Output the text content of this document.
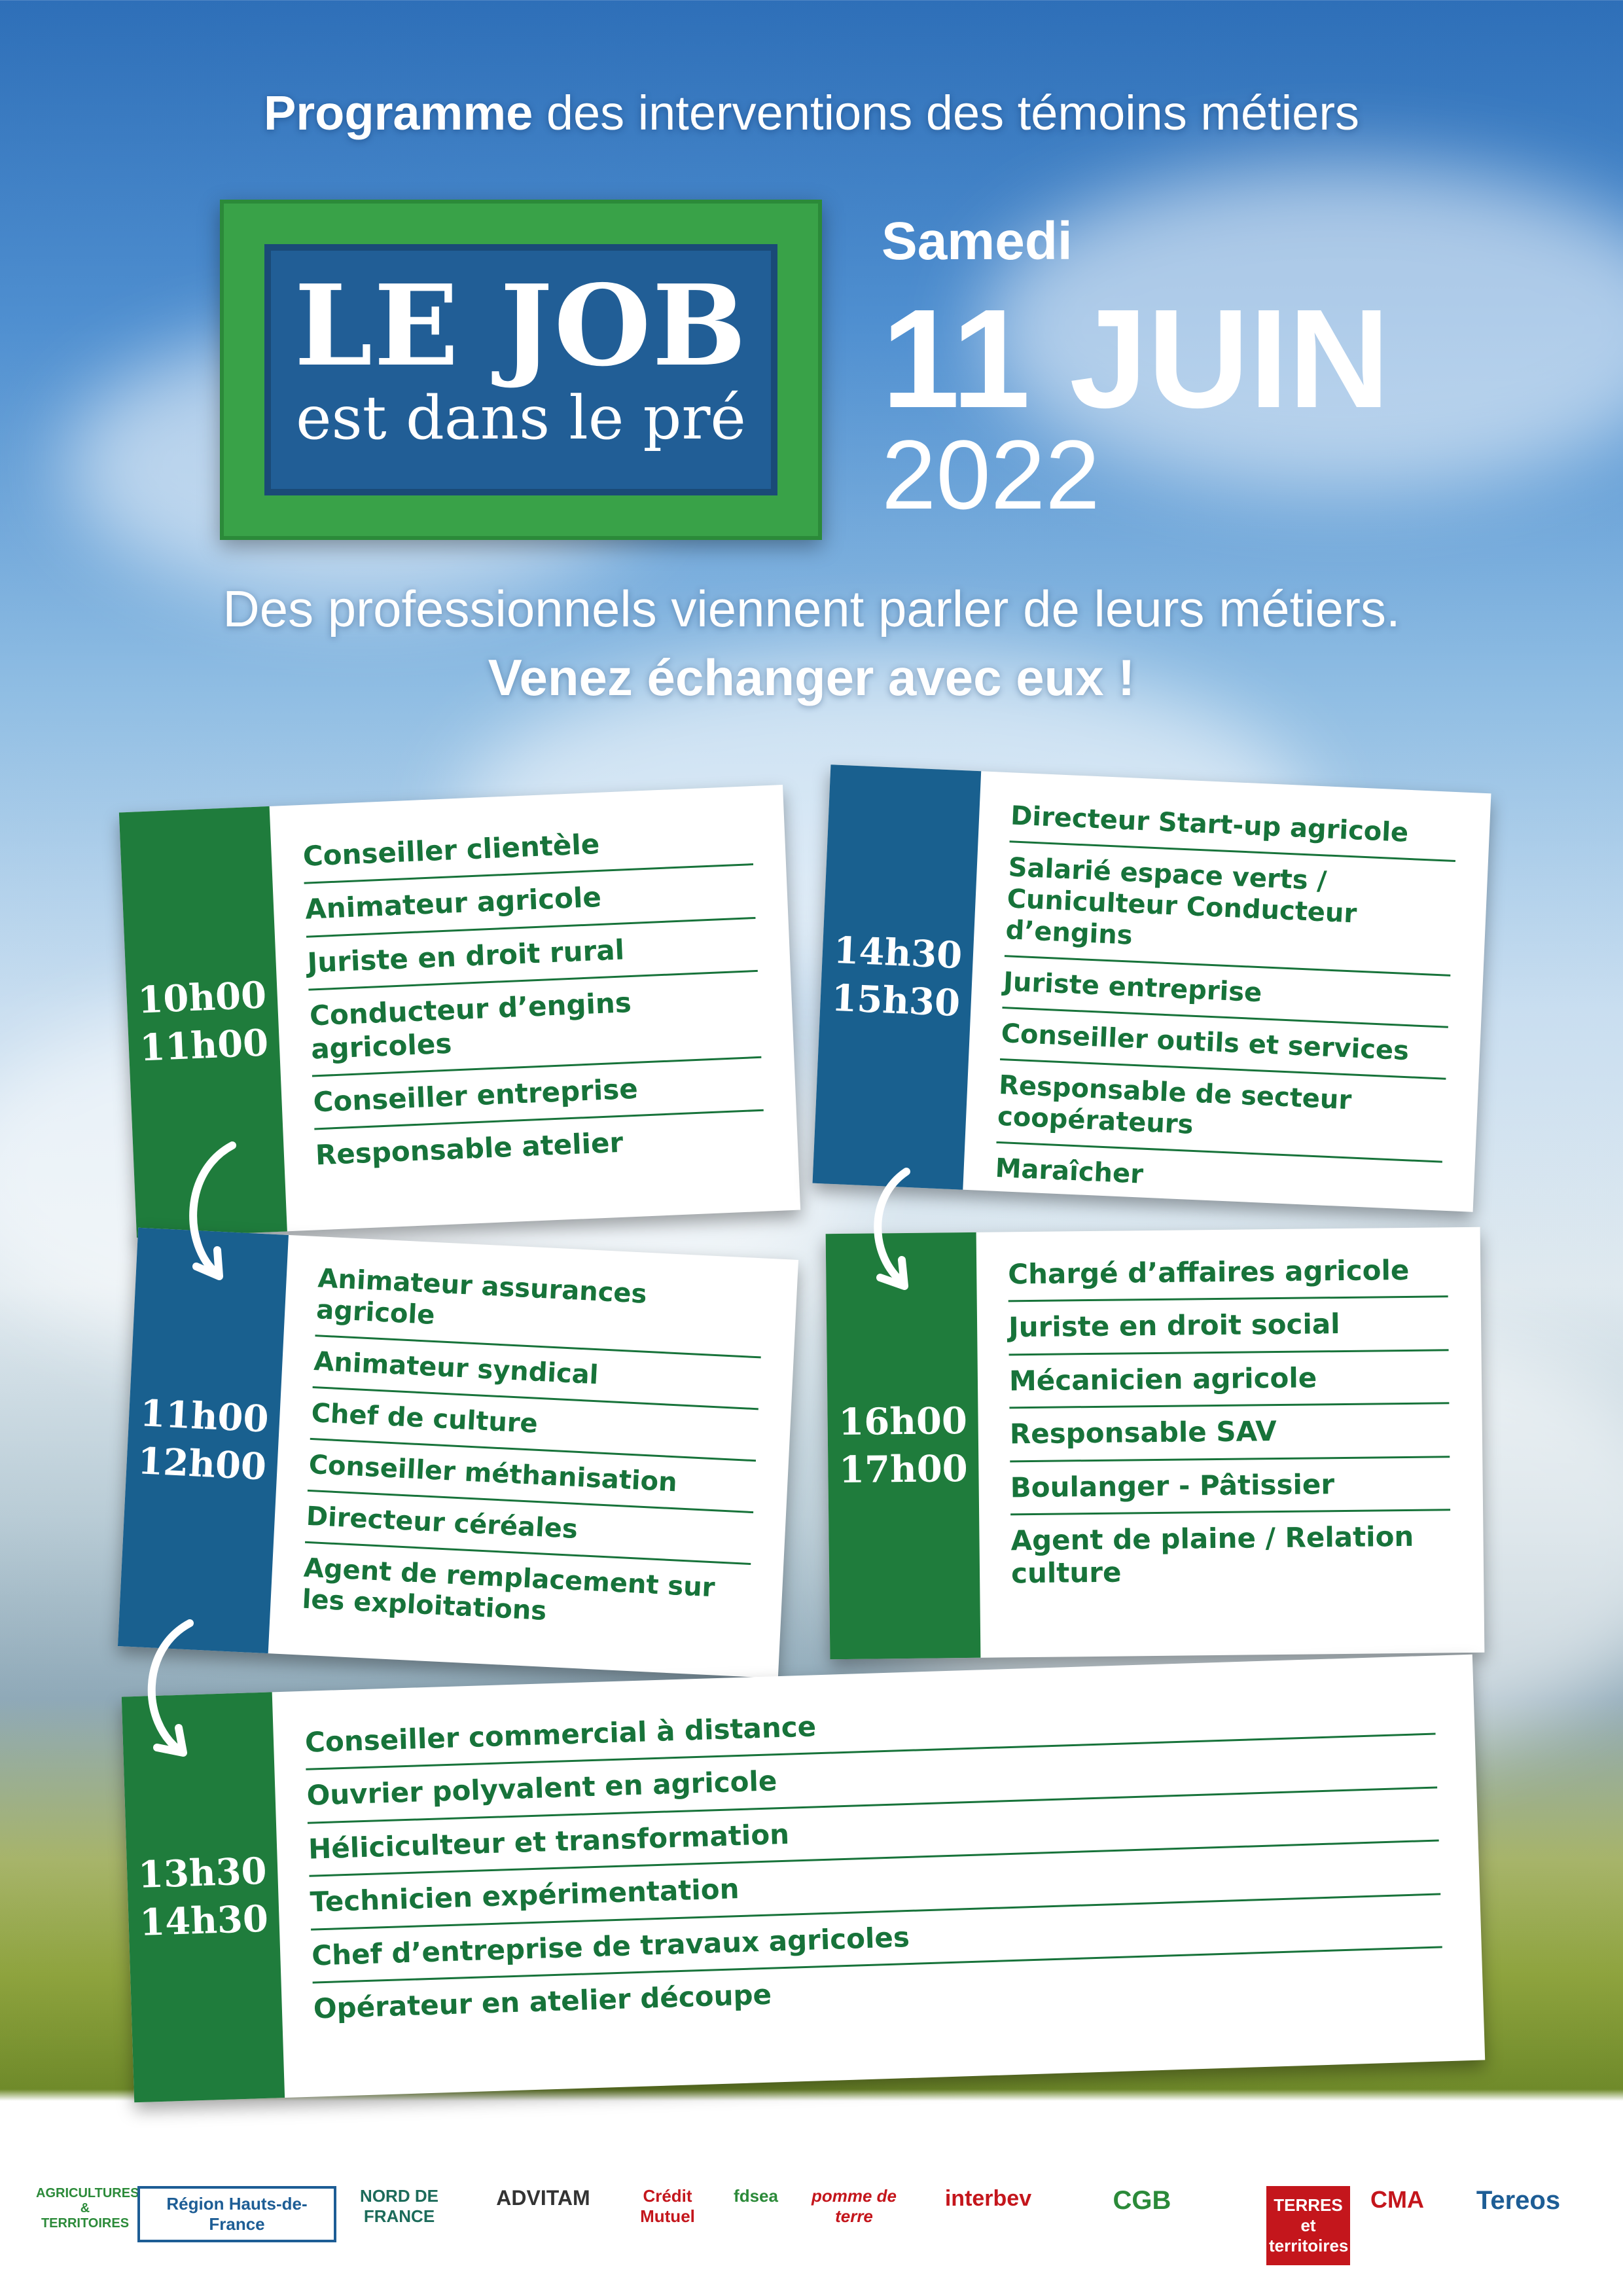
Programme des interventions des témoins métiers
LE JOB
est dans le pré
Samedi
11 JUIN
2022
Des professionnels viennent parler de leurs métiers.
Venez échanger avec eux !
10h00
11h00
Conseiller clientèle
Animateur agricole
Juriste en droit rural
Conducteur d’engins agricoles
Conseiller entreprise
Responsable atelier
14h30
15h30
Directeur Start-up agricole
Salarié espace verts / Cuniculteur Conducteur d’engins
Juriste entreprise
Conseiller outils et services
Responsable de secteur coopérateurs
Maraîcher
11h00
12h00
Animateur assurances agricole
Animateur syndical
Chef de culture
Conseiller méthanisation
Directeur céréales
Agent de remplacement sur les exploitations
16h00
17h00
Chargé d’affaires agricole
Juriste en droit social
Mécanicien agricole
Responsable SAV
Boulanger - Pâtissier
Agent de plaine / Relation culture
13h30
14h30
Conseiller commercial à distance
Ouvrier polyvalent en agricole
Héliciculteur et transformation
Technicien expérimentation
Chef d’entreprise de travaux agricoles
Opérateur en atelier découpe
AGRICULTURES & TERRITOIRES
Région Hauts-de-France
NORD DE FRANCE
ADVITAM	Crédit Mutuel
fdsea	pomme de terre
interbev	CGB	TERRES et territoires
CMA	Tereos
